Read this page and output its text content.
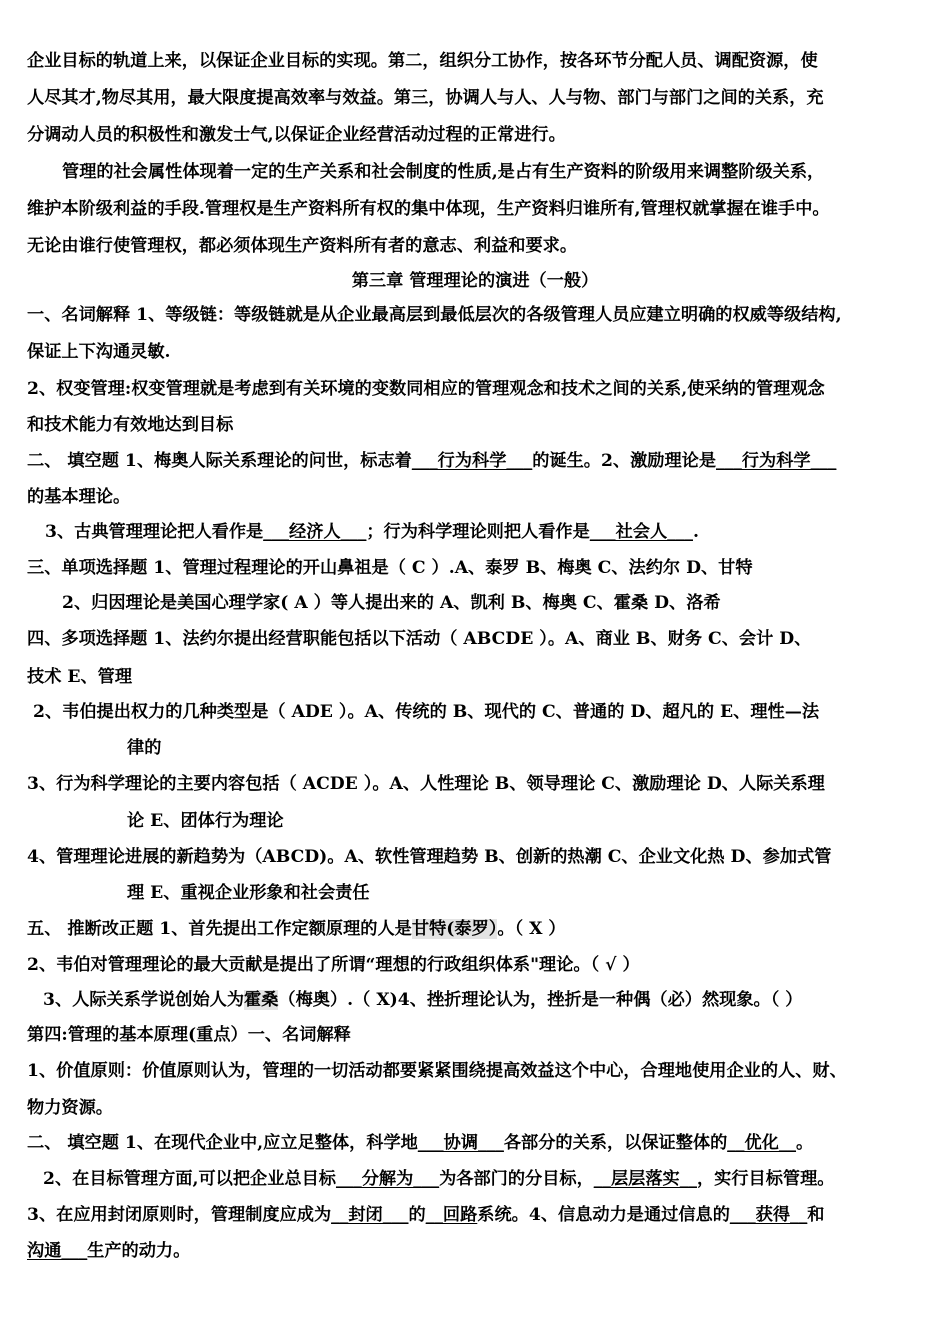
企业目标的轨道上来，以保证企业目标的实现。第二，组织分工协作，按各环节分配人员、调配资源，使
人尽其才,物尽其用，最大限度提高效率与效益。第三，协调人与人、人与物、部门与部门之间的关系，充
分调动人员的积极性和激发士气,以保证企业经营活动过程的正常进行。
管理的社会属性体现着一定的生产关系和社会制度的性质,是占有生产资料的阶级用来调整阶级关系，
维护本阶级利益的手段.管理权是生产资料所有权的集中体现，生产资料归谁所有,管理权就掌握在谁手中。
无论由谁行使管理权，都必须体现生产资料所有者的意志、利益和要求。
第三章 管理理论的演进（一般）
一、名词解释 1、等级链：等级链就是从企业最高层到最低层次的各级管理人员应建立明确的权威等级结构,
保证上下沟通灵敏.
2、权变管理:权变管理就是考虑到有关环境的变数同相应的管理观念和技术之间的关系,使采纳的管理观念
和技术能力有效地达到目标
二、 填空题 1、梅奥人际关系理论的问世，标志着___行为科学___的诞生。2、激励理论是___行为科学___
的基本理论。
3、古典管理理论把人看作是___经济人___；行为科学理论则把人看作是___社会人___.
三、单项选择题 1、管理过程理论的开山鼻祖是（ C ）.A、泰罗 B、梅奥 C、法约尔 D、甘特
2、归因理论是美国心理学家( A ）等人提出来的 A、凯利 B、梅奥 C、霍桑 D、洛希
四、多项选择题 1、法约尔提出经营职能包括以下活动（ ABCDE ）。A、商业 B、财务 C、会计 D、
技术 E、管理
2、韦伯提出权力的几种类型是（ ADE ）。A、传统的 B、现代的 C、普通的 D、超凡的 E、理性—法
律的
3、行为科学理论的主要内容包括（ ACDE ）。A、人性理论 B、领导理论 C、激励理论 D、人际关系理
论 E、团体行为理论
4、管理理论进展的新趋势为（ABCD)。A、软性管理趋势 B、创新的热潮 C、企业文化热 D、参加式管
理 E、重视企业形象和社会责任
五、 推断改正题 1、首先提出工作定额原理的人是甘特(泰罗）。（ X ）
2、韦伯对管理理论的最大贡献是提出了所谓“理想的行政组织体系"理论。（ √ ）
3、人际关系学说创始人为霍桑（梅奥）.（ X)4、挫折理论认为，挫折是一种偶（必）然现象。（ ）
第四:管理的基本原理(重点）一、名词解释
1、价值原则：价值原则认为，管理的一切活动都要紧紧围绕提高效益这个中心，合理地使用企业的人、财、
物力资源。
二、 填空题 1、在现代企业中,应立足整体，科学地___协调___各部分的关系，以保证整体的__优化__。
2、在目标管理方面,可以把企业总目标___分解为___为各部门的分目标，__层层落实__，实行目标管理。
3、在应用封闭原则时，管理制度应成为__封闭___的__回路系统。4、信息动力是通过信息的___获得__和
沟通___生产的动力。
